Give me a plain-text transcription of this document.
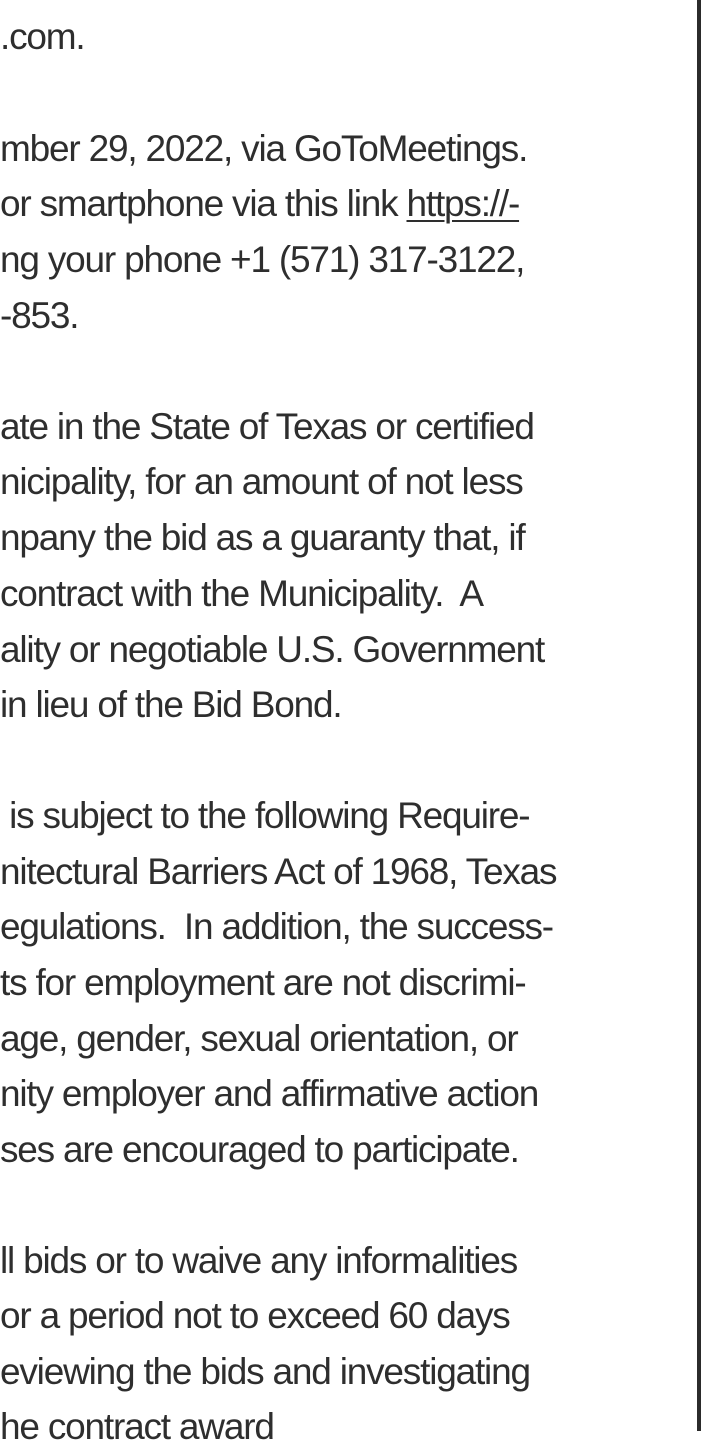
.com.
mber 29, 2022, via GoToMeetings.
or smartphone via this link https://-
ng your phone +1 (571) 317-3122,
-853.
ate in the State of Texas or certified
nicipality, for an amount of not less
npany the bid as a guaranty that, if
contract with the Municipality.  A
ality or negotiable U.S. Government
in lieu of the Bid Bond.
is subject to the following Require-
nitectural Barriers Act of 1968, Texas
egulations.  In addition, the success-
ts for employment are not discrimi-
age, gender, sexual orientation, or
nity employer and affirmative action
ses are encouraged to participate.
ll bids or to waive any informalities
or a period not to exceed 60 days
eviewing the bids and investigating
he contract award
